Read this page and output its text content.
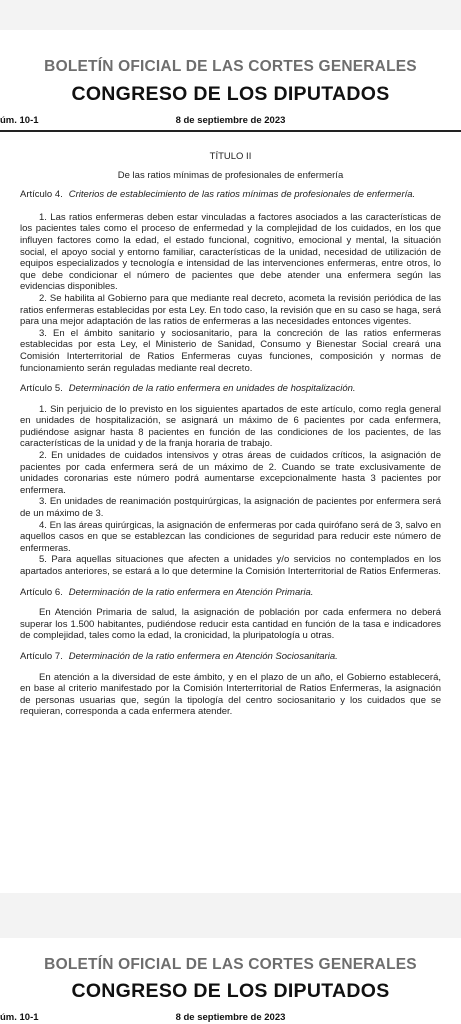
BOLETÍN OFICIAL DE LAS CORTES GENERALES
CONGRESO DE LOS DIPUTADOS
úm. 10-1	8 de septiembre de 2023
TÍTULO II
De las ratios mínimas de profesionales de enfermería
Artículo 4. Criterios de establecimiento de las ratios mínimas de profesionales de enfermería.

1. Las ratios enfermeras deben estar vinculadas a factores asociados a las características de los pacientes tales como el proceso de enfermedad y la complejidad de los cuidados, en los que influyen factores como la edad, el estado funcional, cognitivo, emocional y mental, la situación social, el apoyo social y entorno familiar, características de la unidad, necesidad de utilización de equipos especializados y tecnología e intensidad de las intervenciones enfermeras, entre otros, lo que debe condicionar el número de pacientes que debe atender una enfermera según las evidencias disponibles.

2. Se habilita al Gobierno para que mediante real decreto, acometa la revisión periódica de las ratios enfermeras establecidas por esta Ley. En todo caso, la revisión que en su caso se haga, será para una mejor adaptación de las ratios de enfermeras a las necesidades entonces vigentes.

3. En el ámbito sanitario y sociosanitario, para la concreción de las ratios enfermeras establecidas por esta Ley, el Ministerio de Sanidad, Consumo y Bienestar Social creará una Comisión Interterritorial de Ratios Enfermeras cuyas funciones, composición y normas de funcionamiento serán reguladas mediante real decreto.

Artículo 5. Determinación de la ratio enfermera en unidades de hospitalización.

1. Sin perjuicio de lo previsto en los siguientes apartados de este artículo, como regla general en unidades de hospitalización, se asignará un máximo de 6 pacientes por cada enfermera, pudiéndose asignar hasta 8 pacientes en función de las condiciones de los pacientes, de las características de la unidad y de la franja horaria de trabajo.

2. En unidades de cuidados intensivos y otras áreas de cuidados críticos, la asignación de pacientes por cada enfermera será de un máximo de 2. Cuando se trate exclusivamente de unidades coronarias este número podrá aumentarse excepcionalmente hasta 3 pacientes por enfermera.

3. En unidades de reanimación postquirúrgicas, la asignación de pacientes por enfermera será de un máximo de 3.

4. En las áreas quirúrgicas, la asignación de enfermeras por cada quirófano será de 3, salvo en aquellos casos en que se establezcan las condiciones de seguridad para reducir este número de enfermeras.

5. Para aquellas situaciones que afecten a unidades y/o servicios no contemplados en los apartados anteriores, se estará a lo que determine la Comisión Interterritorial de Ratios Enfermeras.

Artículo 6. Determinación de la ratio enfermera en Atención Primaria.

En Atención Primaria de salud, la asignación de población por cada enfermera no deberá superar los 1.500 habitantes, pudiéndose reducir esta cantidad en función de la tasa e indicadores de complejidad, tales como la edad, la cronicidad, la pluripatología u otras.

Artículo 7. Determinación de la ratio enfermera en Atención Sociosanitaria.

En atención a la diversidad de este ámbito, y en el plazo de un año, el Gobierno establecerá, en base al criterio manifestado por la Comisión Interterritorial de Ratios Enfermeras, la asignación de personas usuarias que, según la tipología del centro sociosanitario y los cuidados que se requieran, corresponda a cada enfermera atender.

BOLETÍN OFICIAL DE LAS CORTES GENERALES
CONGRESO DE LOS DIPUTADOS
úm. 10-1	8 de septiembre de 2023
